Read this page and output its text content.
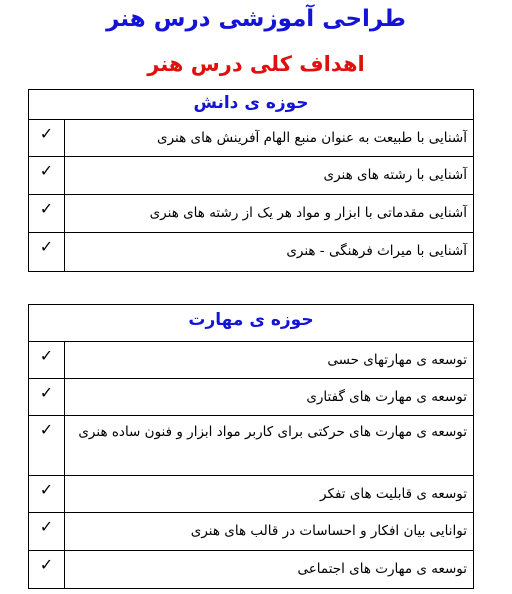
طراحی آموزشی درس هنر
اهداف کلی درس هنر
حوزه ی دانش	
آشنایی با طبیعت به عنوان منبع الهام آفرینش های هنری	✓
آشنایی با رشته های هنری	✓
آشنایی مقدماتی با ابزار و مواد هر یک از رشته های هنری	✓
آشنایی با میراث فرهنگی - هنری	✓
حوزه ی مهارت	
توسعه ی مهارتهای حسی	✓
توسعه ی مهارت های گفتاری	✓
توسعه ی مهارت های حرکتی برای کاربر مواد ابزار و فنون ساده هنری	✓
توسعه ی قابلیت های تفکر	✓
توانایی بیان افکار و احساسات در قالب های هنری	✓
توسعه ی مهارت های اجتماعی	✓
